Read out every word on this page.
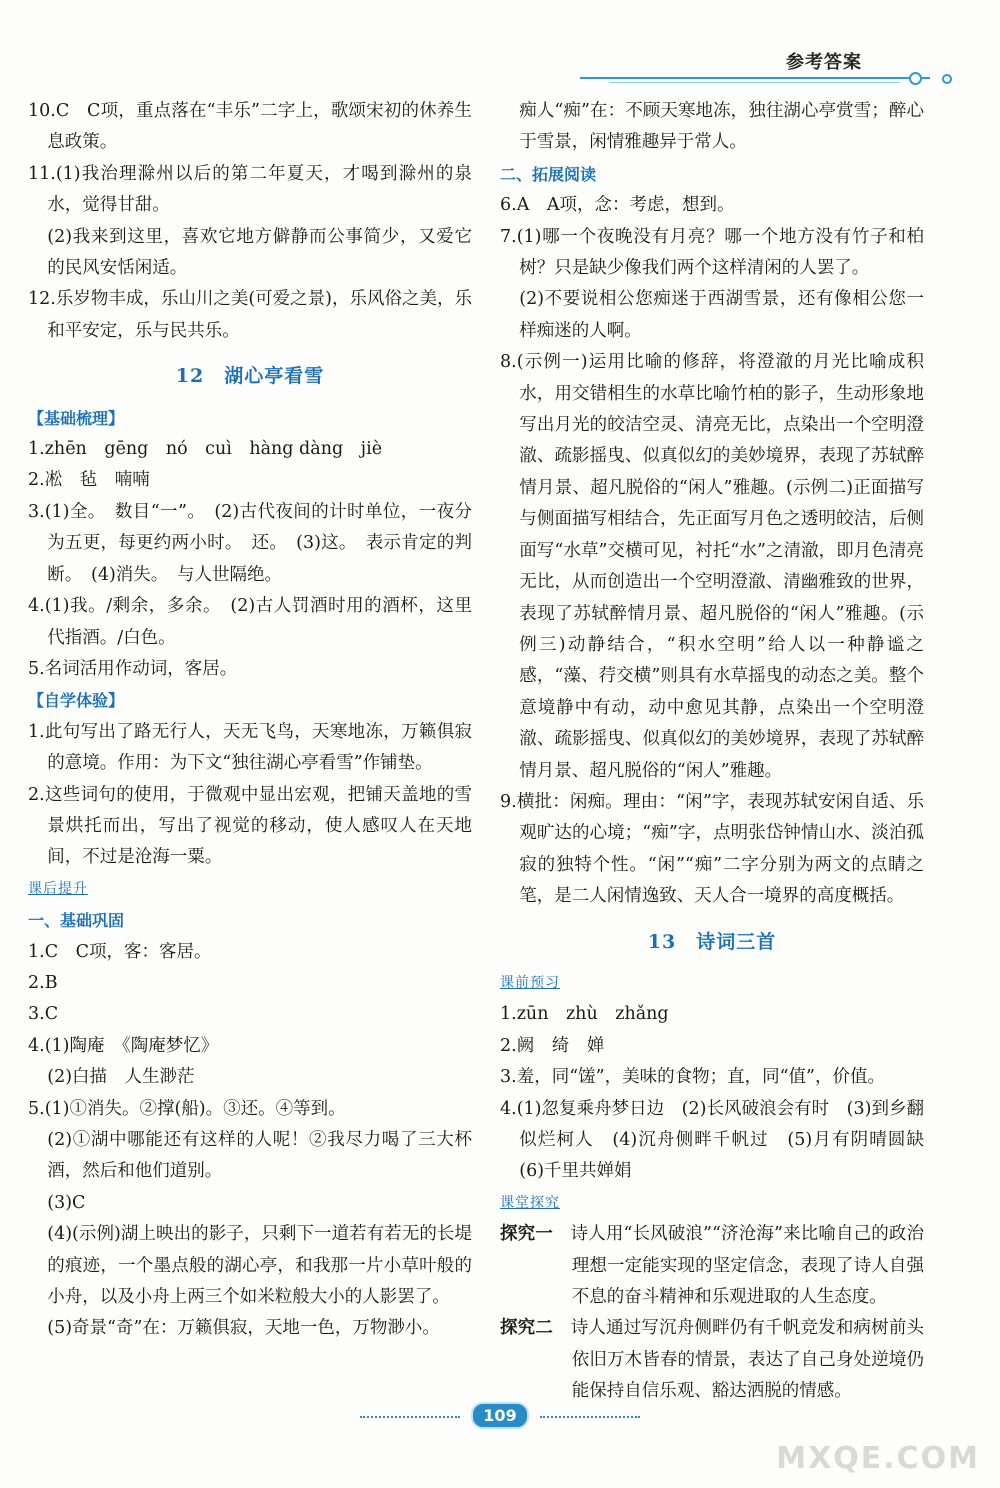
参考答案
10.C　C项，重点落在“丰乐”二字上，歌颂宋初的休养生息政策。
11.(1)我治理滁州以后的第二年夏天，才喝到滁州的泉水，觉得甘甜。
(2)我来到这里，喜欢它地方僻静而公事简少，又爱它的民风安恬闲适。
12.乐岁物丰成，乐山川之美(可爱之景)，乐风俗之美，乐和平安定，乐与民共乐。
12　湖心亭看雪
【基础梳理】
1.zhēn　gēng　nó　cuì　hàng dàng　jiè
2.凇　毡　喃喃
3.(1)全。　数目“一”。　(2)古代夜间的计时单位，一夜分为五更，每更约两小时。　还。　(3)这。　表示肯定的判断。　(4)消失。　与人世隔绝。
4.(1)我。/剩余，多余。　(2)古人罚酒时用的酒杯，这里代指酒。/白色。
5.名词活用作动词，客居。
【自学体验】
1.此句写出了路无行人，天无飞鸟，天寒地冻，万籁俱寂的意境。作用：为下文“独往湖心亭看雪”作铺垫。
2.这些词句的使用，于微观中显出宏观，把铺天盖地的雪景烘托而出，写出了视觉的移动，使人感叹人在天地间，不过是沧海一粟。
课后提升
一、基础巩固
1.C　C项，客：客居。
2.B
3.C
4.(1)陶庵　《陶庵梦忆》
(2)白描　人生渺茫
5.(1)①消失。②撑(船)。③还。④等到。
(2)①湖中哪能还有这样的人呢！②我尽力喝了三大杯酒，然后和他们道别。
(3)C
(4)(示例)湖上映出的影子，只剩下一道若有若无的长堤的痕迹，一个墨点般的湖心亭，和我那一片小草叶般的小舟，以及小舟上两三个如米粒般大小的人影罢了。
(5)奇景“奇”在：万籁俱寂，天地一色，万物渺小。
痴人“痴”在：不顾天寒地冻，独往湖心亭赏雪；醉心于雪景，闲情雅趣异于常人。
二、拓展阅读
6.A　A项，念：考虑，想到。
7.(1)哪一个夜晚没有月亮？哪一个地方没有竹子和柏树？只是缺少像我们两个这样清闲的人罢了。
(2)不要说相公您痴迷于西湖雪景，还有像相公您一样痴迷的人啊。
8.(示例一)运用比喻的修辞，将澄澈的月光比喻成积水，用交错相生的水草比喻竹柏的影子，生动形象地写出月光的皎洁空灵、清亮无比，点染出一个空明澄澈、疏影摇曳、似真似幻的美妙境界，表现了苏轼醉情月景、超凡脱俗的“闲人”雅趣。(示例二)正面描写与侧面描写相结合，先正面写月色之透明皎洁，后侧面写“水草”交横可见，衬托“水”之清澈，即月色清亮无比，从而创造出一个空明澄澈、清幽雅致的世界，表现了苏轼醉情月景、超凡脱俗的“闲人”雅趣。(示例三)动静结合，“积水空明”给人以一种静谧之感，“藻、荇交横”则具有水草摇曳的动态之美。整个意境静中有动，动中愈见其静，点染出一个空明澄澈、疏影摇曳、似真似幻的美妙境界，表现了苏轼醉情月景、超凡脱俗的“闲人”雅趣。
9.横批：闲痴。理由：“闲”字，表现苏轼安闲自适、乐观旷达的心境；“痴”字，点明张岱钟情山水、淡泊孤寂的独特个性。“闲”“痴”二字分别为两文的点睛之笔，是二人闲情逸致、天人合一境界的高度概括。
13　诗词三首
课前预习
1.zūn　zhù　zhǎng
2.阙　绮　婵
3.羞，同“馐”，美味的食物；直，同“值”，价值。
4.(1)忽复乘舟梦日边　(2)长风破浪会有时　(3)到乡翻似烂柯人　(4)沉舟侧畔千帆过　(5)月有阴晴圆缺　(6)千里共婵娟
课堂探究
探究一　 诗人用“长风破浪”“济沧海”来比喻自己的政治理想一定能实现的坚定信念，表现了诗人自强不息的奋斗精神和乐观进取的人生态度。
探究二　 诗人通过写沉舟侧畔仍有千帆竞发和病树前头依旧万木皆春的情景，表达了自己身处逆境仍能保持自信乐观、豁达洒脱的情感。
109
MXQE.COM
